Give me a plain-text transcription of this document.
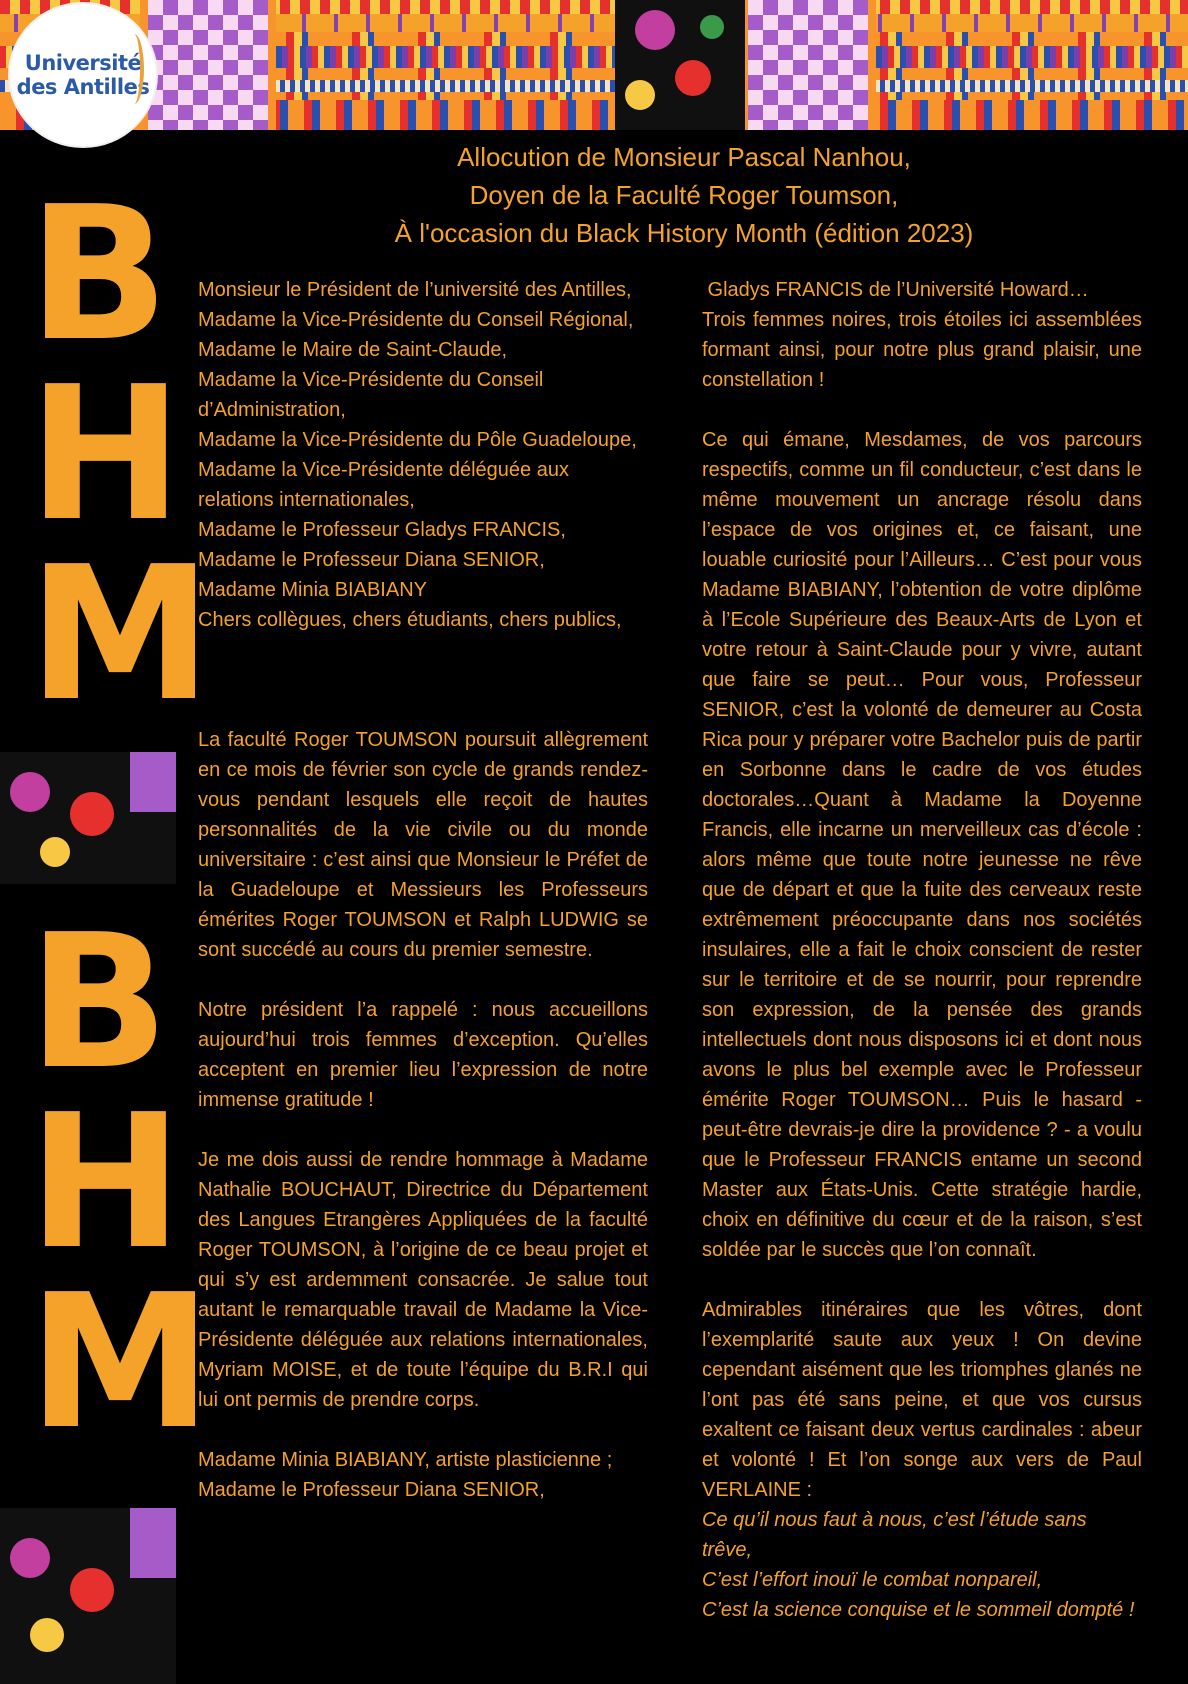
Université
des Antilles
B
H
M
B
H
M
Allocution de Monsieur Pascal Nanhou,
Doyen de la Faculté Roger Toumson,
À l'occasion du Black History Month (édition 2023)

Monsieur le Président de l’université des Antilles,

Madame la Vice-Présidente du Conseil Régional,

Madame le Maire de Saint-Claude,

Madame la Vice-Présidente du Conseil d’Administration,

Madame la Vice-Présidente du Pôle Guadeloupe,

Madame la Vice-Présidente déléguée aux relations internationales,

Madame le Professeur Gladys FRANCIS,

Madame le Professeur Diana SENIOR,

Madame Minia BIABIANY

Chers collègues, chers étudiants, chers publics,

La faculté Roger TOUMSON poursuit allègrement en ce mois de février son cycle de grands rendez-vous pendant lesquels elle reçoit de hautes personnalités de la vie civile ou du monde universitaire : c’est ainsi que Monsieur le Préfet de la Guadeloupe et Messieurs les Professeurs émérites Roger TOUMSON et Ralph LUDWIG se sont succédé au cours du premier semestre.

Notre président l’a rappelé : nous accueillons aujourd’hui trois femmes d’exception. Qu’elles acceptent en premier lieu l’expression de notre immense gratitude !

Je me dois aussi de rendre hommage à Madame Nathalie BOUCHAUT, Directrice du Département des Langues Etrangères Appliquées de la faculté Roger TOUMSON, à l’origine de ce beau projet et qui s’y est ardemment consacrée. Je salue tout autant le remarquable travail de Madame la Vice-Présidente déléguée aux relations internationales, Myriam MOISE, et de toute l’équipe du B.R.I qui lui ont permis de prendre corps.

Madame Minia BIABIANY, artiste plasticienne ;

Madame le Professeur Diana SENIOR,

Gladys FRANCIS de l’Université Howard…

Trois femmes noires, trois étoiles ici assemblées formant ainsi, pour notre plus grand plaisir, une constellation !

Ce qui émane, Mesdames, de vos parcours respectifs, comme un fil conducteur, c’est dans le même mouvement un ancrage résolu dans l’espace de vos origines et, ce faisant, une louable curiosité pour l’Ailleurs… C’est pour vous Madame BIABIANY, l’obtention de votre diplôme à l’Ecole Supérieure des Beaux-Arts de Lyon et votre retour à Saint-Claude pour y vivre, autant que faire se peut… Pour vous, Professeur SENIOR, c’est la volonté de demeurer au Costa Rica pour y préparer votre Bachelor puis de partir en Sorbonne dans le cadre de vos études doctorales…Quant à Madame la Doyenne Francis, elle incarne un merveilleux cas d’école : alors même que toute notre jeunesse ne rêve que de départ et que la fuite des cerveaux reste extrêmement préoccupante dans nos sociétés insulaires, elle a fait le choix conscient de rester sur le territoire et de se nourrir, pour reprendre son expression, de la pensée des grands intellectuels dont nous disposons ici et dont nous avons le plus bel exemple avec le Professeur émérite Roger TOUMSON… Puis le hasard - peut-être devrais-je dire la providence ? - a voulu que le Professeur FRANCIS entame un second Master aux États-Unis. Cette stratégie hardie, choix en définitive du cœur et de la raison, s’est soldée par le succès que l’on connaît.

Admirables itinéraires que les vôtres, dont l’exemplarité saute aux yeux ! On devine cependant aisément que les triomphes glanés ne l’ont pas été sans peine, et que vos cursus exaltent ce faisant deux vertus cardinales : abeur et volonté ! Et l’on songe aux vers de Paul VERLAINE :

Ce qu’il nous faut à nous, c’est l’étude sans trêve,

C’est l’effort inouï le combat nonpareil,

C’est la science conquise et le sommeil dompté !
